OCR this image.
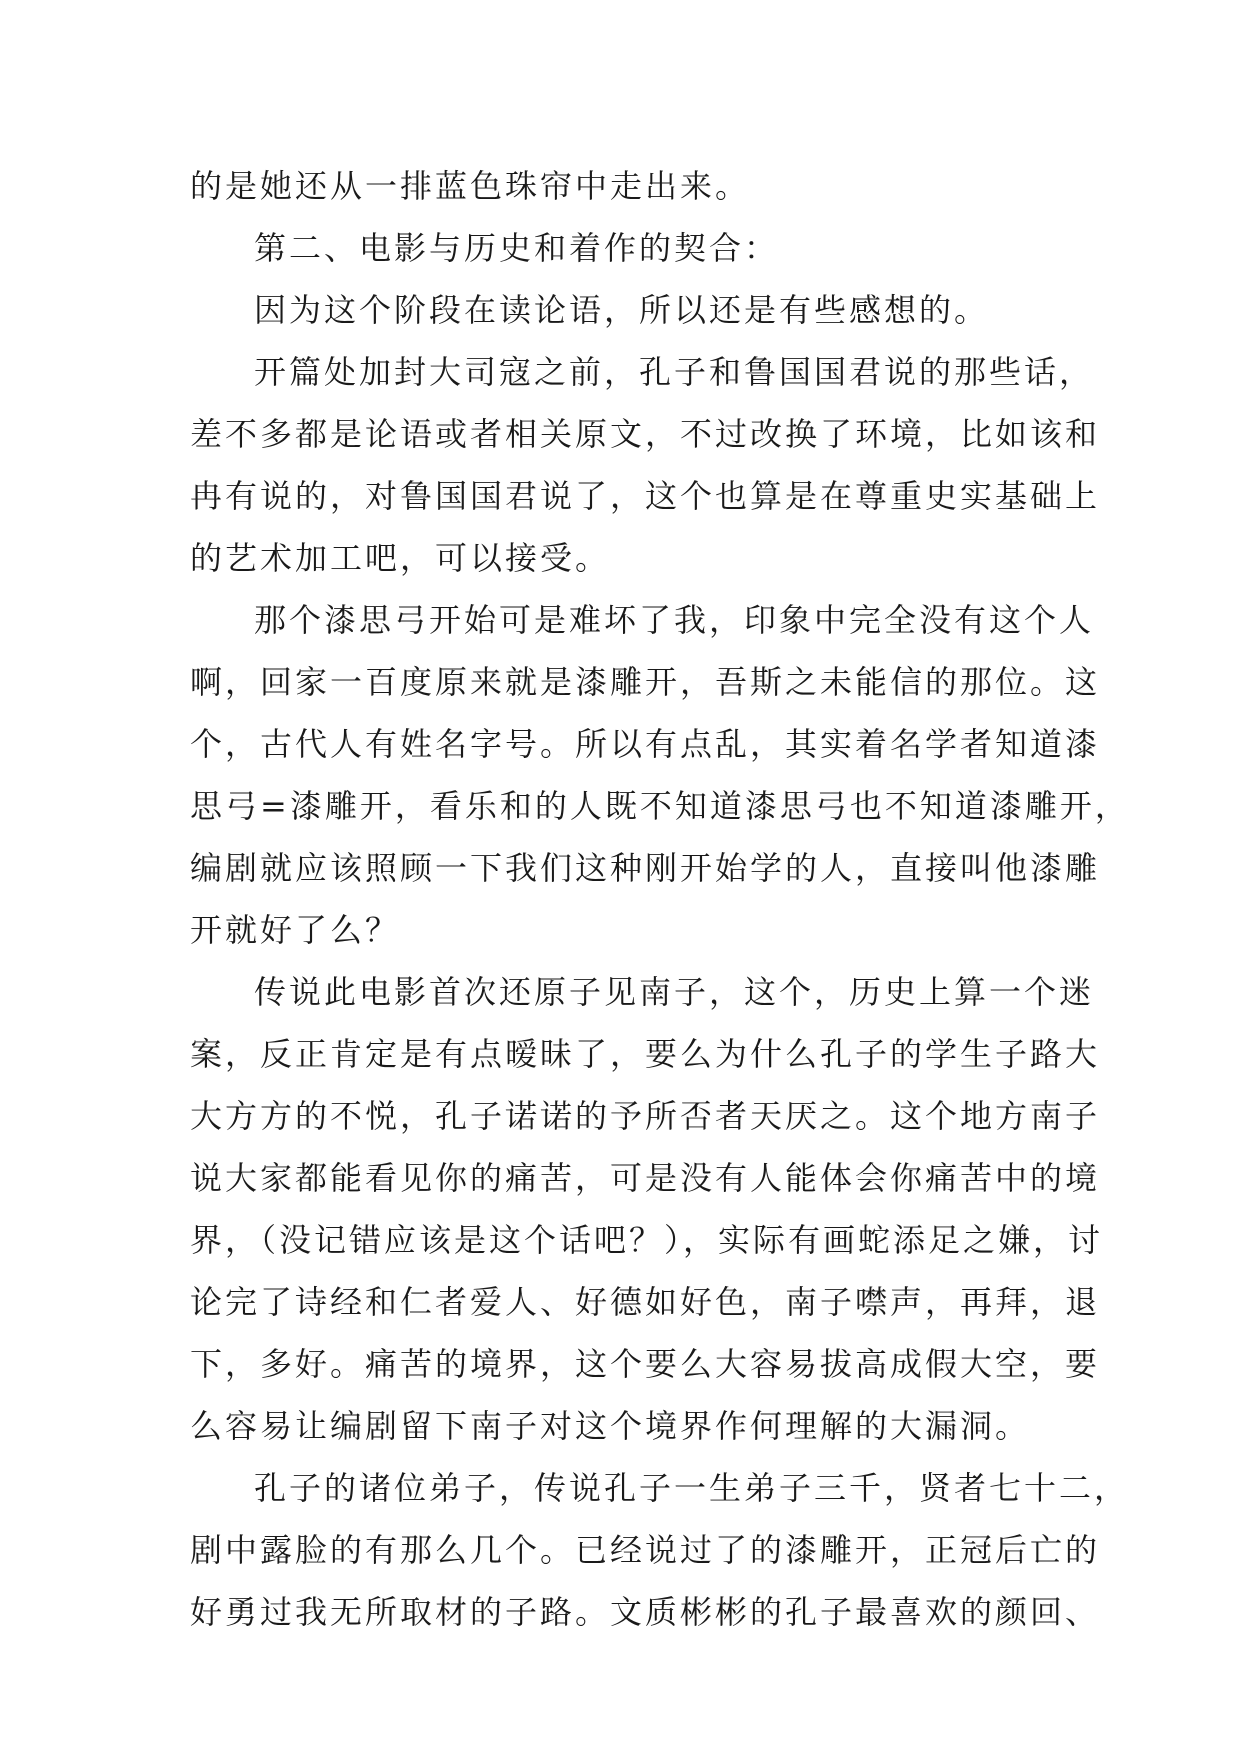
的是她还从一排蓝色珠帘中走出来。
第二、电影与历史和着作的契合：
因为这个阶段在读论语，所以还是有些感想的。
开篇处加封大司寇之前，孔子和鲁国国君说的那些话，
差不多都是论语或者相关原文，不过改换了环境，比如该和
冉有说的，对鲁国国君说了，这个也算是在尊重史实基础上
的艺术加工吧，可以接受。
那个漆思弓开始可是难坏了我，印象中完全没有这个人
啊，回家一百度原来就是漆雕开，吾斯之未能信的那位。这
个，古代人有姓名字号。所以有点乱，其实着名学者知道漆
思弓=漆雕开，看乐和的人既不知道漆思弓也不知道漆雕开，
编剧就应该照顾一下我们这种刚开始学的人，直接叫他漆雕
开就好了么？
传说此电影首次还原子见南子，这个，历史上算一个迷
案，反正肯定是有点暧昧了，要么为什么孔子的学生子路大
大方方的不悦，孔子诺诺的予所否者天厌之。这个地方南子
说大家都能看见你的痛苦，可是没有人能体会你痛苦中的境
界，（没记错应该是这个话吧？），实际有画蛇添足之嫌，讨
论完了诗经和仁者爱人、好德如好色，南子噤声，再拜，退
下，多好。痛苦的境界，这个要么大容易拔高成假大空，要
么容易让编剧留下南子对这个境界作何理解的大漏洞。
孔子的诸位弟子，传说孔子一生弟子三千，贤者七十二，
剧中露脸的有那么几个。已经说过了的漆雕开，正冠后亡的
好勇过我无所取材的子路。文质彬彬的孔子最喜欢的颜回、
